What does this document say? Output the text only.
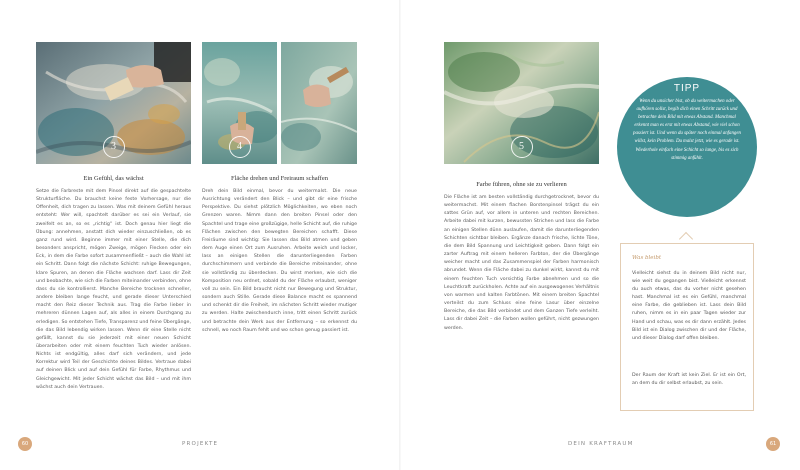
3	4
Ein Gefühl, das wächst
Setze die Farbreste mit dem Pinsel direkt auf die gespachtelte Strukturfläche. Du brauchst keine feste Vorhersage, nur die Offenheit, dich tragen zu lassen. Was mit deinem Gefühl heraus entsteht: Wer will, spachtelt darüber es sei ein Verlauf, sie zweifelt es an, so es „richtig“ ist. Doch genau hier liegt die Übung: annehmen, anstatt dich wieder einzuschließen, ob es ganz rund wird. Beginne immer mit einer Stelle, die dich besonders anspricht, mögen Zweige, mögen Flecken oder ein Eck, in dem die Farbe sofort zusammenfließt – auch die Wahl ist ein Schritt. Dann folgt die nächste Schicht: ruhige Bewegungen, klare Spuren, an denen die Fläche wachsen darf. Lass dir Zeit und beobachte, wie sich die Farben miteinander verbinden, ohne dass du sie kontrollierst. Manche Bereiche trocknen schneller, andere bleiben lange feucht, und gerade dieser Unterschied macht den Reiz dieser Technik aus. Trag die Farbe lieber in mehreren dünnen Lagen auf, als alles in einem Durchgang zu erledigen. So entstehen Tiefe, Transparenz und feine Übergänge, die das Bild lebendig wirken lassen. Wenn dir eine Stelle nicht gefällt, kannst du sie jederzeit mit einer neuen Schicht überarbeiten oder mit einem feuchten Tuch wieder anlösen. Nichts ist endgültig, alles darf sich verändern, und jede Korrektur wird Teil der Geschichte deines Bildes. Vertraue dabei auf deinen Blick und auf dein Gefühl für Farbe, Rhythmus und Gleichgewicht. Mit jeder Schicht wächst das Bild – und mit ihm wächst auch dein Vertrauen.
Fläche drehen und Freiraum schaffen
Dreh dein Bild einmal, bevor du weitermalst. Die neue Ausrichtung verändert den Blick – und gibt dir eine frische Perspektive. Du siehst plötzlich Möglichkeiten, wo eben noch Grenzen waren. Nimm dann den breiten Pinsel oder den Spachtel und trage eine großzügige, helle Schicht auf, die ruhige Flächen zwischen den bewegten Bereichen schafft. Diese Freiräume sind wichtig: Sie lassen das Bild atmen und geben dem Auge einen Ort zum Ausruhen. Arbeite weich und locker, lass an einigen Stellen die darunterliegenden Farben durchschimmern und verbinde die Bereiche miteinander, ohne sie vollständig zu überdecken. Du wirst merken, wie sich die Komposition neu ordnet, sobald du der Fläche erlaubst, weniger voll zu sein. Ein Bild braucht nicht nur Bewegung und Struktur, sondern auch Stille. Gerade diese Balance macht es spannend und schenkt dir die Freiheit, im nächsten Schritt wieder mutiger zu werden. Halte zwischendurch inne, tritt einen Schritt zurück und betrachte dein Werk aus der Entfernung – so erkennst du schnell, wo noch Raum fehlt und wo schon genug passiert ist.
5
Farbe führen, ohne sie zu verlieren
Die Fläche ist am besten vollständig durchgetrocknet, bevor du weitermachst. Mit einem flachen Borstenpinsel trägst du ein sattes Grün auf, vor allem in unteren und rechten Bereichen. Arbeite dabei mit kurzen, bewussten Strichen und lass die Farbe an einigen Stellen dünn auslaufen, damit die darunterliegenden Schichten sichtbar bleiben. Ergänze danach frische, lichte Töne, die dem Bild Spannung und Leichtigkeit geben. Dann folgt ein zarter Auftrag mit einem helleren Farbton, der die Übergänge weicher macht und das Zusammenspiel der Farben harmonisch abrundet. Wenn die Fläche dabei zu dunkel wirkt, kannst du mit einem feuchten Tuch vorsichtig Farbe abnehmen und so die Leuchtkraft zurückholen. Achte auf ein ausgewogenes Verhältnis von warmen und kalten Farbtönen. Mit einem breiten Spachtel verteilst du zum Schluss eine feine Lasur über einzelne Bereiche, die das Bild verbindet und dem Ganzen Tiefe verleiht. Lass dir dabei Zeit – die Farben wollen geführt, nicht gezwungen werden.
TIPP
Wenn du unsicher bist, ob du weitermachen oder aufhören sollst, begib dich einen Schritt zurück und betrachte dein Bild mit etwas Abstand. Manchmal erkennt man es erst mit etwas Abstand, wie viel schon passiert ist. Und wenn du später noch einmal anfangen willst, kein Problem. Du malst jetzt, wie es gerade ist. Wiederhole einfach eine Schicht so lange, bis es sich stimmig anfühlt.
Was bleibt
Vielleicht siehst du in deinem Bild nicht nur, wie weit du gegangen bist. Vielleicht erkennst du auch etwas, das du vorher nicht gesehen hast. Manchmal ist es ein Gefühl, manchmal eine Farbe, die geblieben ist. Lass dein Bild ruhen, nimm es in ein paar Tagen wieder zur Hand und schau, was es dir dann erzählt. Jedes Bild ist ein Dialog zwischen dir und der Fläche, und dieser Dialog darf offen bleiben.
Der Raum der Kraft ist kein Ziel. Er ist ein Ort, an dem du dir selbst erlaubst, zu sein.
60	PROJEKTE	DEIN KRAFTRAUM	61
